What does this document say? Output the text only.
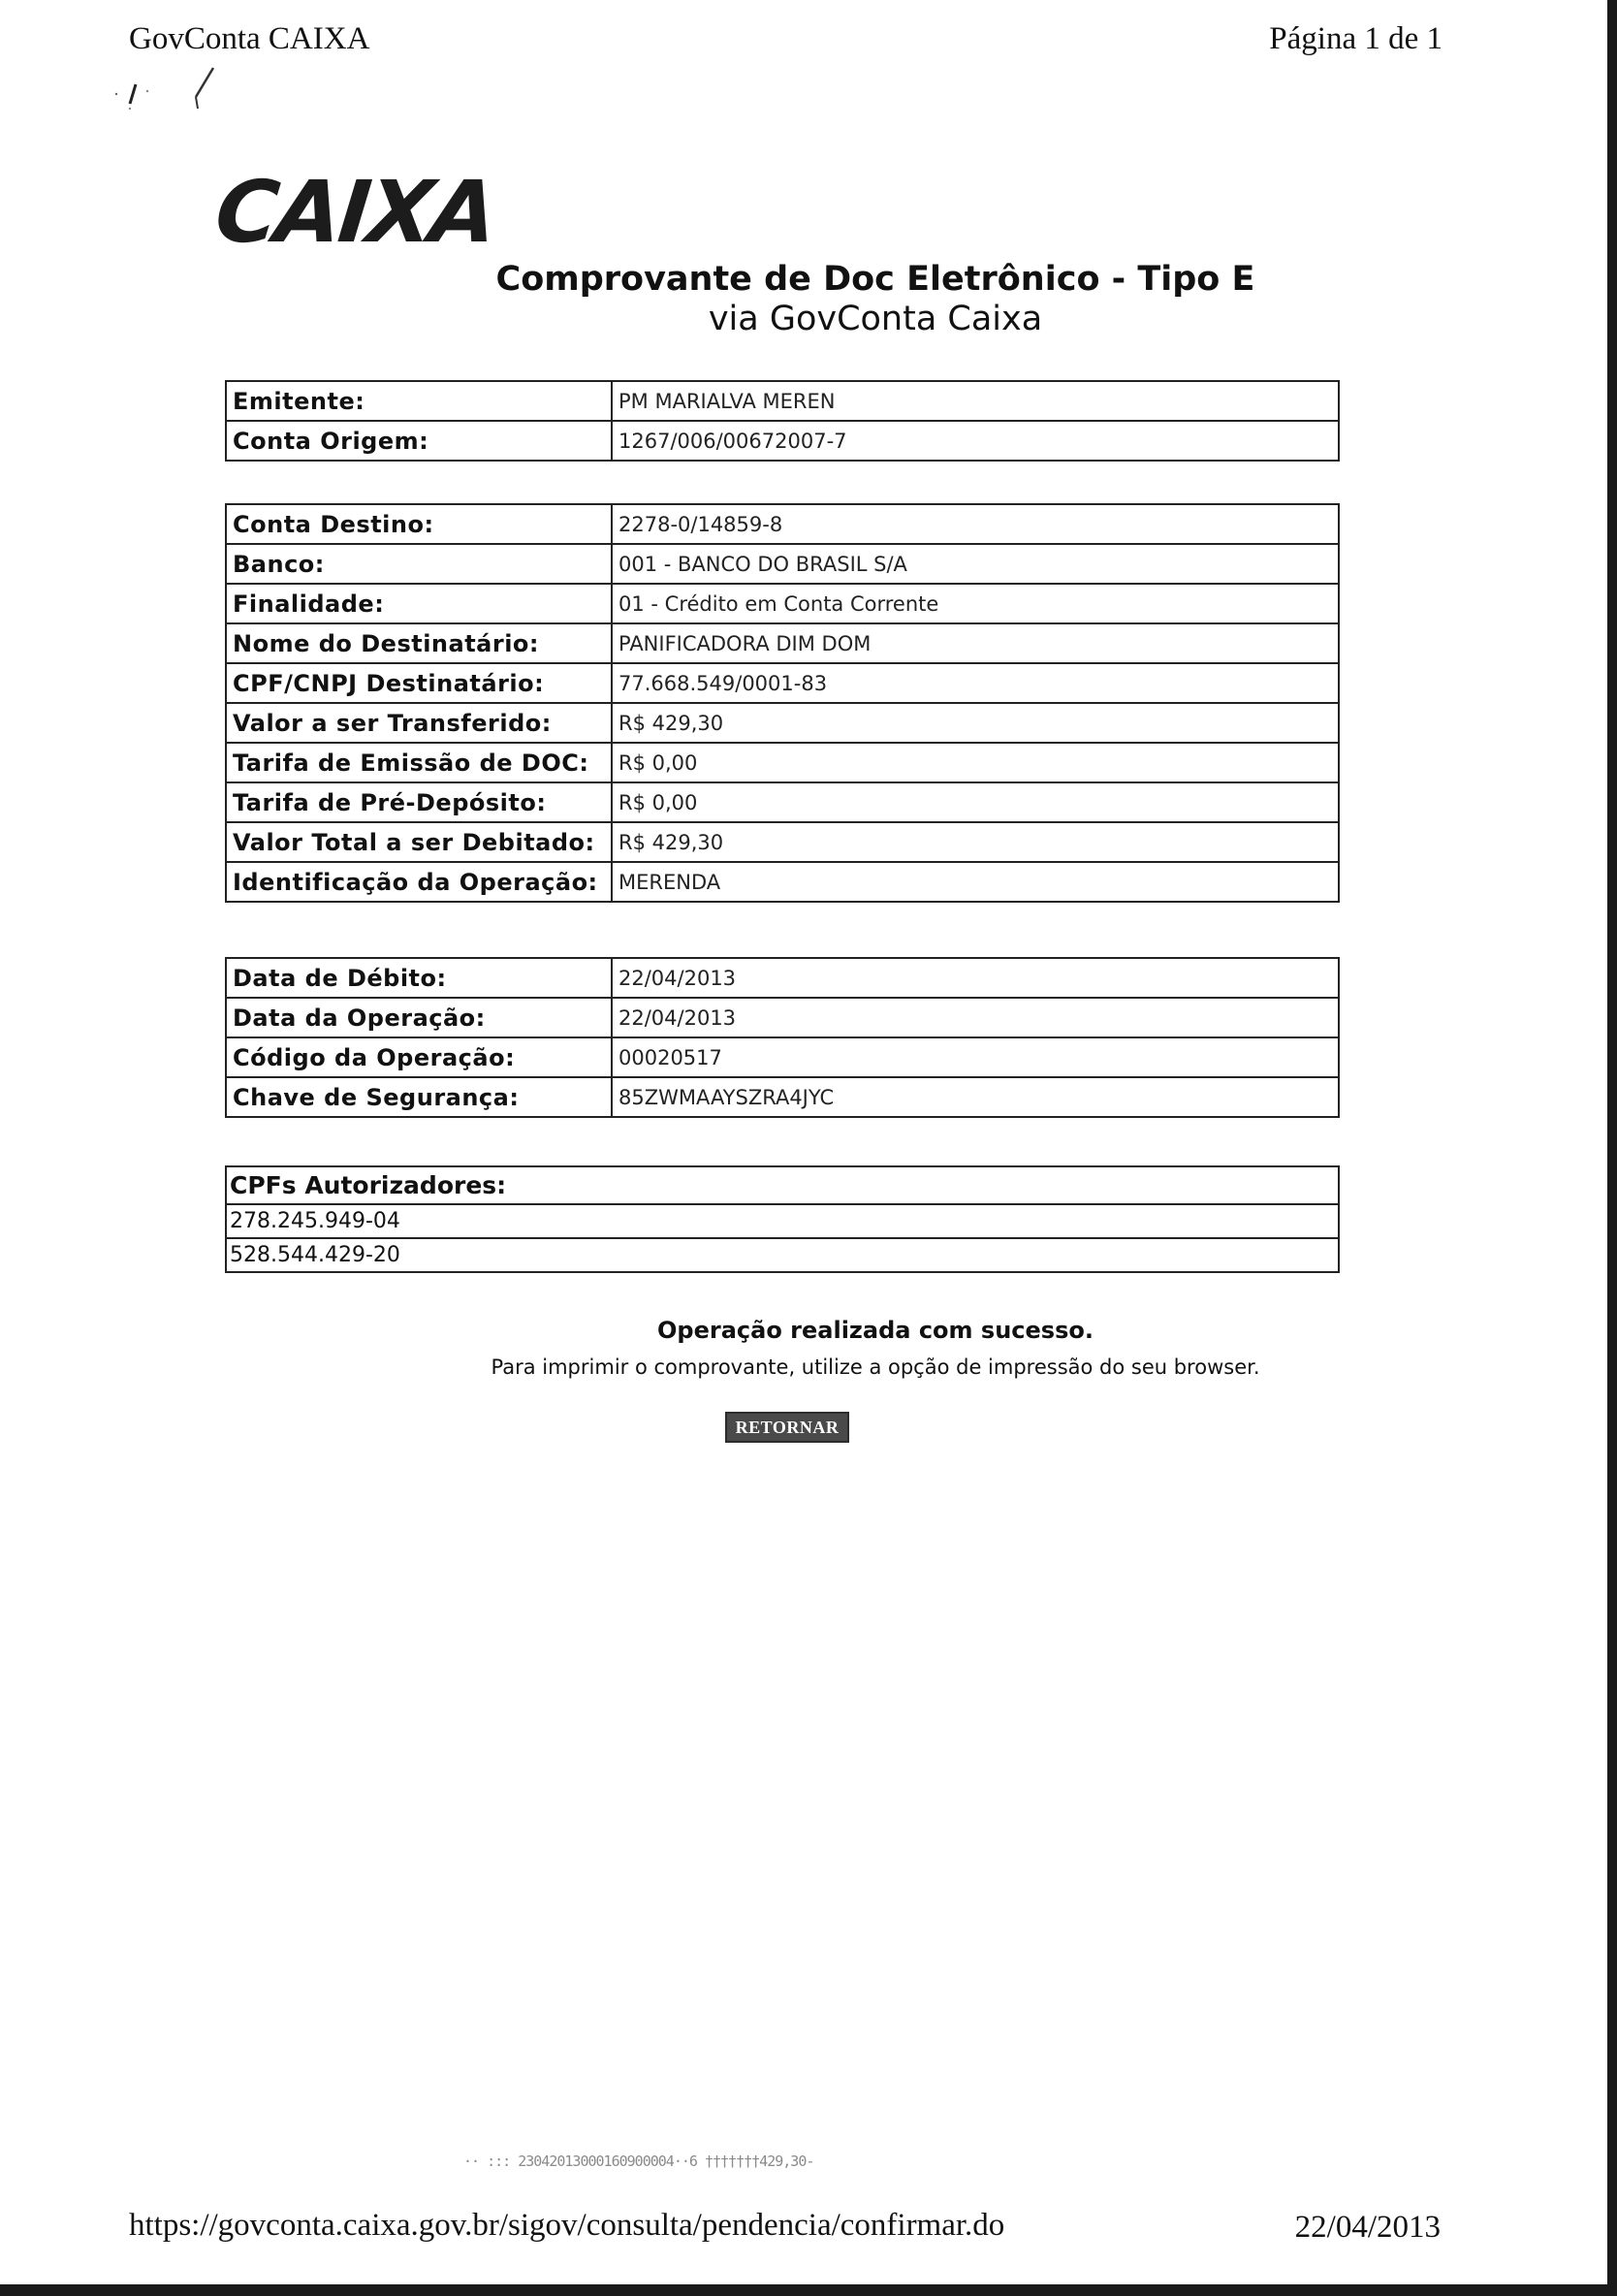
GovConta CAIXA	Página 1 de 1
CAIXA
Comprovante de Doc Eletrônico - Tipo E
via GovConta Caixa
Emitente:	PM MARIALVA MEREN
Conta Origem:	1267/006/00672007-7
Conta Destino:	2278-0/14859-8
Banco:	001 - BANCO DO BRASIL S/A
Finalidade:	01 - Crédito em Conta Corrente
Nome do Destinatário:	PANIFICADORA DIM DOM
CPF/CNPJ Destinatário:	77.668.549/0001-83
Valor a ser Transferido:	R$ 429,30
Tarifa de Emissão de DOC:	R$ 0,00
Tarifa de Pré-Depósito:	R$ 0,00
Valor Total a ser Debitado:	R$ 429,30
Identificação da Operação:	MERENDA
Data de Débito:	22/04/2013
Data da Operação:	22/04/2013
Código da Operação:	00020517
Chave de Segurança:	85ZWMAAYSZRA4JYC
CPFs Autorizadores:
278.245.949-04
528.544.429-20
Operação realizada com sucesso.
Para imprimir o comprovante, utilize a opção de impressão do seu browser.
RETORNAR
·· ::: 23042013000160900004··6 †††††††429,30-
https://govconta.caixa.gov.br/sigov/consulta/pendencia/confirmar.do	22/04/2013
